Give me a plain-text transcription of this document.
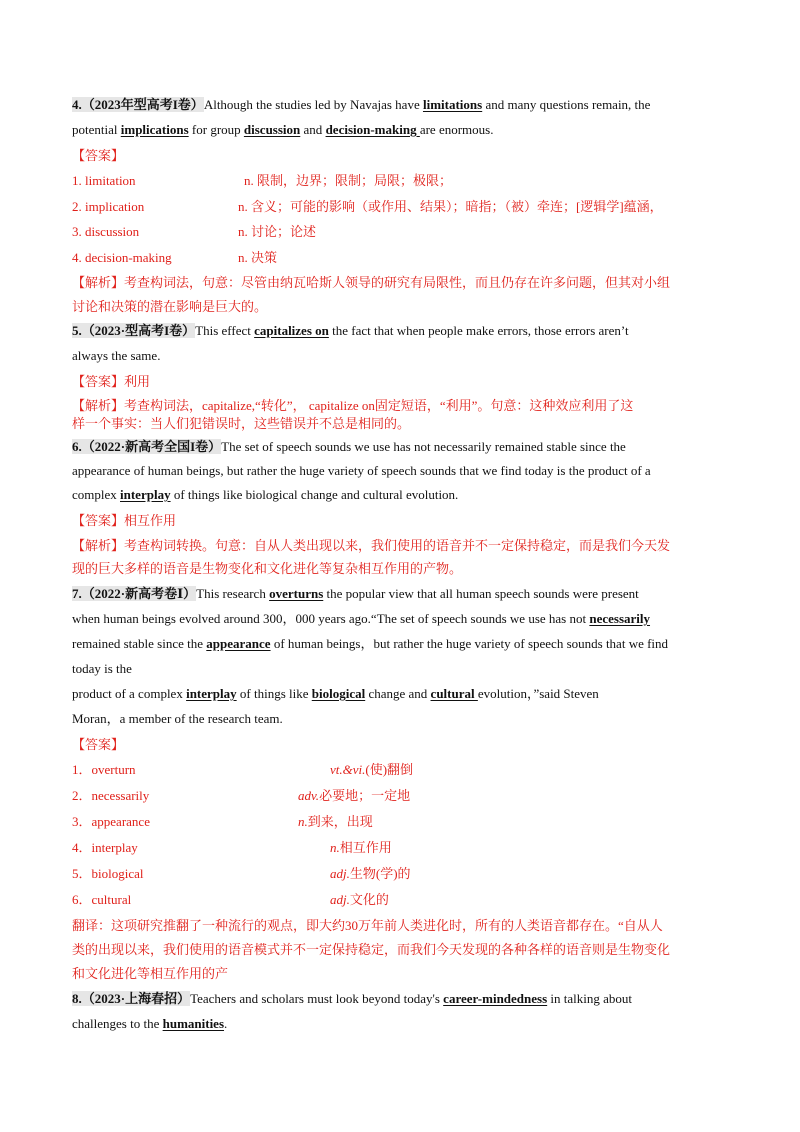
4.（2023年型高考I卷）Although the studies led by Navajas have limitations and many questions remain, the
potential implications for group discussion and decision-making are enormous.
【答案】
1. limitation	n. 限制，边界；限制；局限；极限；
2. implication	n. 含义；可能的影响（或作用、结果）；暗指；（被）牵连；[逻辑学]蕴涵，
3. discussion	n. 讨论；论述
4. decision-making	n. 决策
【解析】考查构词法，句意：尽管由纳瓦哈斯人领导的研究有局限性，而且仍存在许多问题，但其对小组
讨论和决策的潜在影响是巨大的。
5.（2023·型高考I卷）This effect capitalizes on the fact that when people make errors, those errors aren’t
always the same.
【答案】利用
【解析】考查构词法，capitalize,“转化”， capitalize on固定短语，“利用”。句意：这种效应利用了这
样一个事实：当人们犯错误时，这些错误并不总是相同的。
6.（2022·新高考全国I卷）The set of speech sounds we use has not necessarily remained stable since the
appearance of human beings, but rather the huge variety of speech sounds that we find today is the product of a
complex interplay of things like biological change and cultural evolution.
【答案】相互作用
【解析】考查构词转换。句意：自从人类出现以来，我们使用的语音并不一定保持稳定，而是我们今天发
现的巨大多样的语音是生物变化和文化进化等复杂相互作用的产物。
7.（2022·新高考卷Ⅰ）This research overturns the popular view that all human speech sounds were present
when human beings evolved around 300，000 years ago.“The set of speech sounds we use has not necessarily
remained stable since the appearance of human beings，but rather the huge variety of speech sounds that we find
today is the
product of a complex interplay of things like biological change and cultural evolution，”said Steven
Moran，a member of the research team.
【答案】
1．overturn	vt.&vi.(使)翻倒
2．necessarily	adv.必要地；一定地
3．appearance	n.到来，出现
4．interplay	n.相互作用
5．biological	adj.生物(学)的
6．cultural	adj.文化的
翻译：这项研究推翻了一种流行的观点，即大约30万年前人类进化时，所有的人类语音都存在。“自从人
类的出现以来，我们使用的语音模式并不一定保持稳定，而我们今天发现的各种各样的语音则是生物变化
和文化进化等相互作用的产
8.（2023·上海春招）Teachers and scholars must look beyond today's career-mindedness in talking about
challenges to the humanities.
